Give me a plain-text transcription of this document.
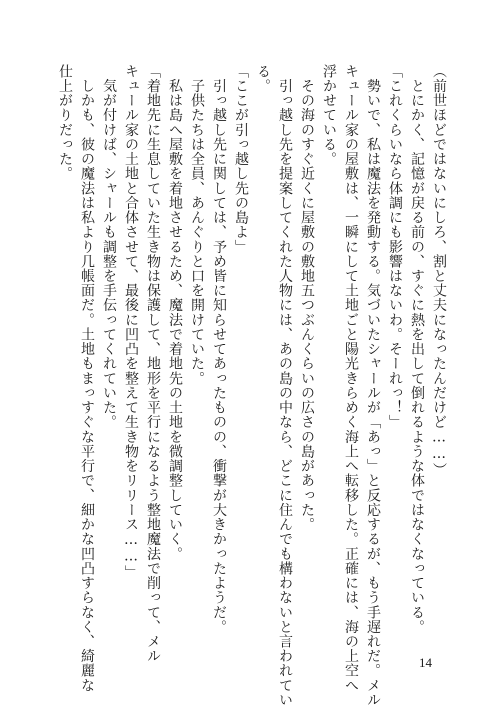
（前世ほどではないにしろ、割と丈夫になったんだけど……）
　とにかく、記憶が戻る前の、すぐに熱を出して倒れるような体ではなくなっている。
「これくらいなら体調にも影響はないわ。そーれっ！」
　勢いで、私は魔法を発動する。気づいたシャールが「あっ」と反応するが、もう手遅れだ。メル
キュール家の屋敷は、一瞬にして土地ごと陽光きらめく海上へ転移した。正確には、海の上空へ
浮かせている。
　その海のすぐ近くに屋敷の敷地五つぶんくらいの広さの島があった。
　引っ越し先を提案してくれた人物には、あの島の中なら、どこに住んでも構わないと言われてい
る。
「ここが引っ越し先の島よ」
　引っ越し先に関しては、予め皆に知らせてあったものの、衝撃が大きかったようだ。
　子供たちは全員、あんぐりと口を開けていた。
　私は島へ屋敷を着地させるため、魔法で着地先の土地を微調整していく。
「着地先に生息していた生き物は保護して、地形を平行になるよう整地魔法で削って、メル
キュール家の土地と合体させて、最後に凹凸を整えて生き物をリリース……」
　気が付けば、シャールも調整を手伝ってくれていた。
　しかも、彼の魔法は私より几帳面だ。土地もまっすぐな平行で、細かな凹凸すらなく、綺麗な
仕上がりだった。
14
